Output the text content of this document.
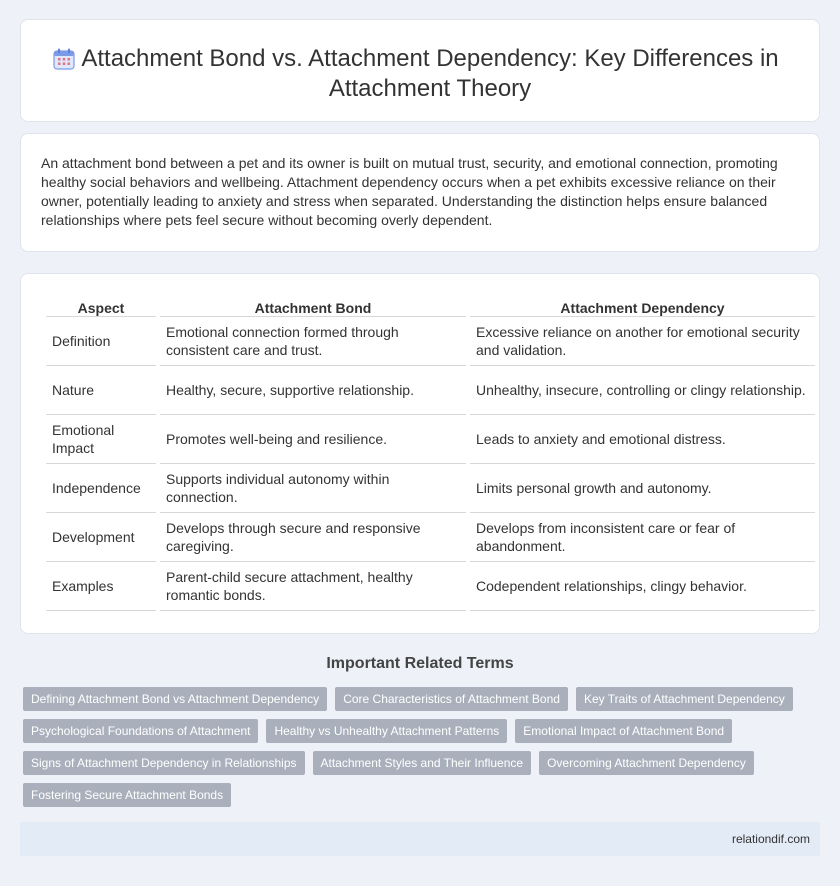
Attachment Bond vs. Attachment Dependency: Key Differences in Attachment Theory

An attachment bond between a pet and its owner is built on mutual trust, security, and emotional connection, promoting healthy social behaviors and wellbeing. Attachment dependency occurs when a pet exhibits excessive reliance on their owner, potentially leading to anxiety and stress when separated. Understanding the distinction helps ensure balanced relationships where pets feel secure without becoming overly dependent.

Aspect	Attachment Bond	Attachment Dependency
Definition	Emotional connection formed through consistent care and trust.	Excessive reliance on another for emotional security and validation.
Nature	Healthy, secure, supportive relationship.	Unhealthy, insecure, controlling or clingy relationship.
Emotional Impact	Promotes well-being and resilience.	Leads to anxiety and emotional distress.
Independence	Supports individual autonomy within connection.	Limits personal growth and autonomy.
Development	Develops through secure and responsive caregiving.	Develops from inconsistent care or fear of abandonment.
Examples	Parent-child secure attachment, healthy romantic bonds.	Codependent relationships, clingy behavior.
Important Related Terms
Defining Attachment Bond vs Attachment Dependency	Core Characteristics of Attachment Bond	Key Traits of Attachment Dependency
Psychological Foundations of Attachment	Healthy vs Unhealthy Attachment Patterns	Emotional Impact of Attachment Bond
Signs of Attachment Dependency in Relationships	Attachment Styles and Their Influence	Overcoming Attachment Dependency
Fostering Secure Attachment Bonds
relationdif.com
